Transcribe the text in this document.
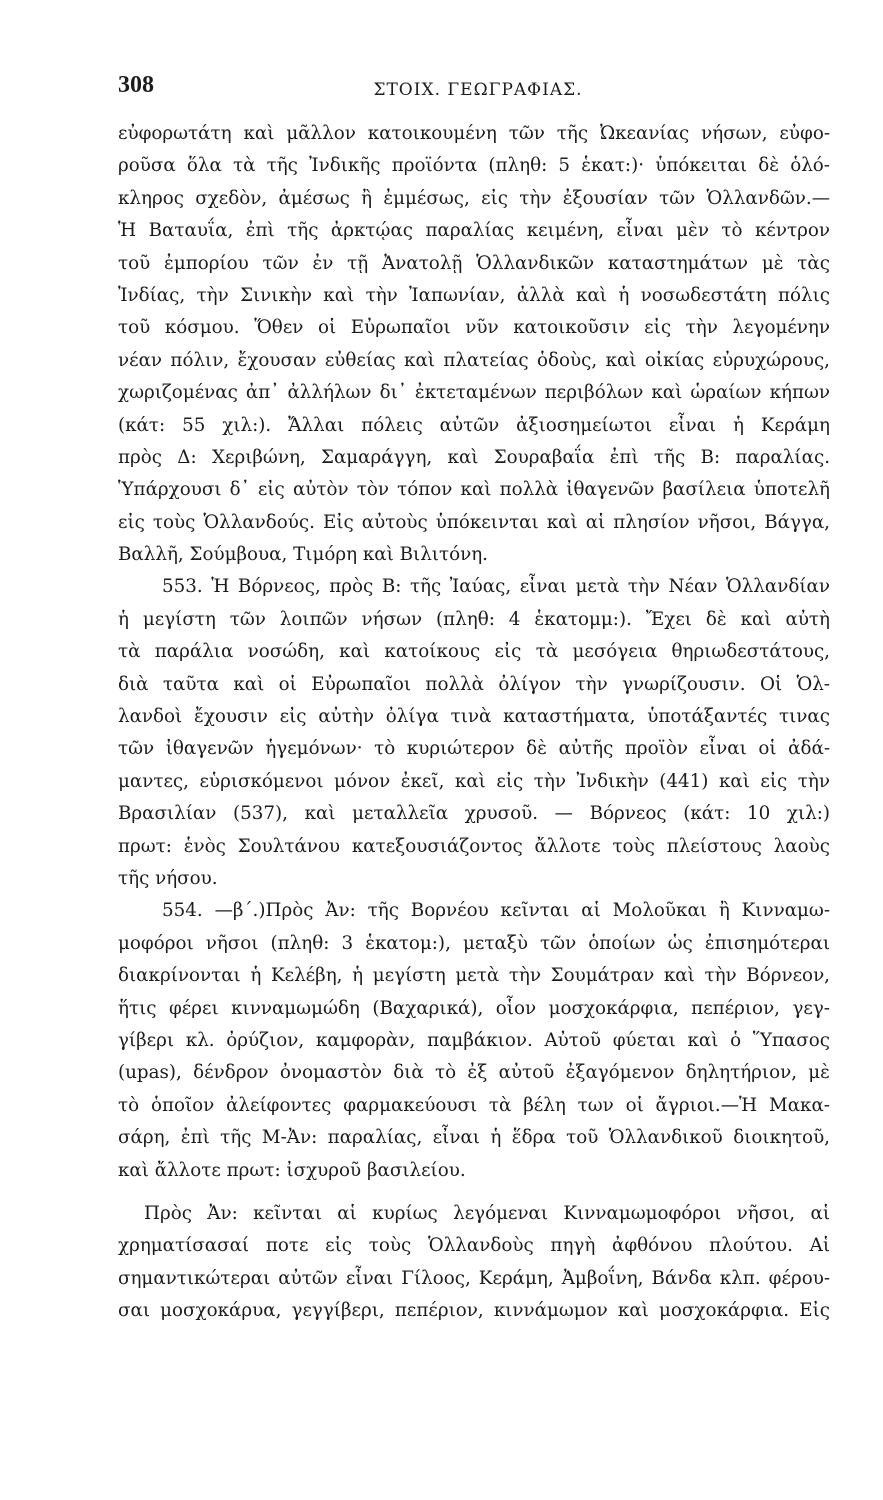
308	ΣΤΟΙΧ. ΓΕΩΓΡΑΦΙΑΣ.
εὐφορωτάτη καὶ μᾶλλον κατοικουμένη τῶν τῆς Ὠκεανίας νήσων, εὐφο-
ροῦσα ὅλα τὰ τῆς Ἰνδικῆς προϊόντα (πληθ: 5 ἑκατ:)· ὑπόκειται δὲ ὁλό-
κληρος σχεδὸν, ἀμέσως ἢ ἐμμέσως, εἰς τὴν ἐξουσίαν τῶν Ὁλλανδῶν.—
Ἡ Βαταυΐα, ἐπὶ τῆς ἀρκτῴας παραλίας κειμένη, εἶναι μὲν τὸ κέντρον
τοῦ ἐμπορίου τῶν ἐν τῇ Ἀνατολῇ Ὁλλανδικῶν καταστημάτων μὲ τὰς
Ἰνδίας, τὴν Σινικὴν καὶ τὴν Ἰαπωνίαν, ἀλλὰ καὶ ἡ νοσωδεστάτη πόλις
τοῦ κόσμου. Ὅθεν οἱ Εὐρωπαῖοι νῦν κατοικοῦσιν εἰς τὴν λεγομένην
νέαν πόλιν, ἔχουσαν εὐθείας καὶ πλατείας ὁδοὺς, καὶ οἰκίας εὐρυχώρους,
χωριζομένας ἀπ᾽ ἀλλήλων δι᾽ ἐκτεταμένων περιβόλων καὶ ὡραίων κήπων
(κάτ: 55 χιλ:). Ἄλλαι πόλεις αὐτῶν ἀξιοσημείωτοι εἶναι ἡ Κεράμη
πρὸς Δ: Χεριβώνη, Σαμαράγγη, καὶ Σουραβαΐα ἐπὶ τῆς Β: παραλίας.
Ὑπάρχουσι δ᾽ εἰς αὐτὸν τὸν τόπον καὶ πολλὰ ἰθαγενῶν βασίλεια ὑποτελῆ
εἰς τοὺς Ὁλλανδούς. Εἰς αὐτοὺς ὑπόκεινται καὶ αἱ πλησίον νῆσοι, Βάγγα,
Βαλλῆ, Σούμβουα, Τιμόρη καὶ Βιλιτόνη.
553. Ἡ Βόρνεος, πρὸς Β: τῆς Ἰαύας, εἶναι μετὰ τὴν Νέαν Ὁλλανδίαν
ἡ μεγίστη τῶν λοιπῶν νήσων (πληθ: 4 ἑκατομμ:). Ἔχει δὲ καὶ αὐτὴ
τὰ παράλια νοσώδη, καὶ κατοίκους εἰς τὰ μεσόγεια θηριωδεστάτους,
διὰ ταῦτα καὶ οἱ Εὐρωπαῖοι πολλὰ ὀλίγον τὴν γνωρίζουσιν. Οἱ Ὁλ-
λανδοὶ ἔχουσιν εἰς αὐτὴν ὀλίγα τινὰ καταστήματα, ὑποτάξαντές τινας
τῶν ἰθαγενῶν ἡγεμόνων· τὸ κυριώτερον δὲ αὐτῆς προϊὸν εἶναι οἱ ἀδά-
μαντες, εὑρισκόμενοι μόνον ἐκεῖ, καὶ εἰς τὴν Ἰνδικὴν (441) καὶ εἰς τὴν
Βρασιλίαν (537), καὶ μεταλλεῖα χρυσοῦ. — Βόρνεος (κάτ: 10 χιλ:)
πρωτ: ἑνὸς Σουλτάνου κατεξουσιάζοντος ἄλλοτε τοὺς πλείστους λαοὺς
τῆς νήσου.
554. —β΄.)Πρὸς Ἀν: τῆς Βορνέου κεῖνται αἱ Μολοῦκαι ἢ Κινναμω-
μοφόροι νῆσοι (πληθ: 3 ἑκατομ:), μεταξὺ τῶν ὁποίων ὡς ἐπισημότεραι
διακρίνονται ἡ Κελέβη, ἡ μεγίστη μετὰ τὴν Σουμάτραν καὶ τὴν Βόρνεον,
ἥτις φέρει κινναμωμώδη (Βαχαρικά), οἷον μοσχοκάρφια, πεπέριον, γεγ-
γίβερι κλ. ὀρύζιον, καμφορὰν, παμβάκιον. Αὐτοῦ φύεται καὶ ὁ Ὕπασος
(upas), δένδρον ὀνομαστὸν διὰ τὸ ἐξ αὐτοῦ ἐξαγόμενον δηλητήριον, μὲ
τὸ ὁποῖον ἀλείφοντες φαρμακεύουσι τὰ βέλη των οἱ ἄγριοι.—Ἡ Μακα-
σάρη, ἐπὶ τῆς Μ-Ἀν: παραλίας, εἶναι ἡ ἕδρα τοῦ Ὁλλανδικοῦ διοικητοῦ,
καὶ ἄλλοτε πρωτ: ἰσχυροῦ βασιλείου.
Πρὸς Ἀν: κεῖνται αἱ κυρίως λεγόμεναι Κινναμωμοφόροι νῆσοι, αἱ
χρηματίσασαί ποτε εἰς τοὺς Ὁλλανδοὺς πηγὴ ἀφθόνου πλούτου. Αἱ
σημαντικώτεραι αὐτῶν εἶναι Γίλοος, Κεράμη, Ἀμβοΐνη, Βάνδα κλπ. φέρου-
σαι μοσχοκάρυα, γεγγίβερι, πεπέριον, κιννάμωμον καὶ μοσχοκάρφια. Εἰς
